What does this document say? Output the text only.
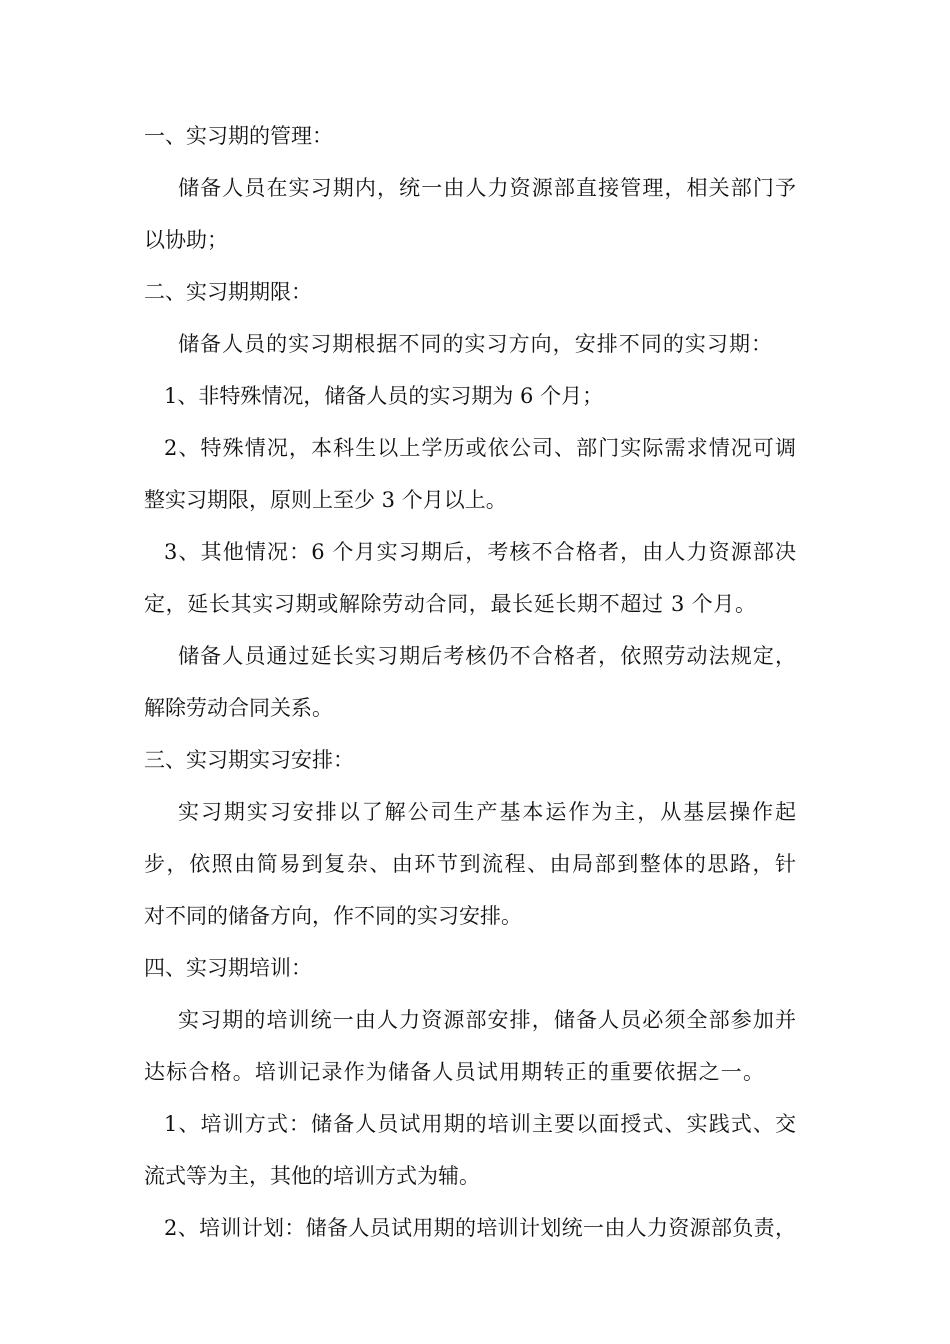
一、实习期的管理：
储备人员在实习期内，统一由人力资源部直接管理，相关部门予
以协助；
二、实习期期限：
储备人员的实习期根据不同的实习方向，安排不同的实习期：
1、非特殊情况，储备人员的实习期为 6 个月；
2、特殊情况，本科生以上学历或依公司、部门实际需求情况可调
整实习期限，原则上至少 3 个月以上。
3、其他情况：6 个月实习期后，考核不合格者，由人力资源部决
定，延长其实习期或解除劳动合同，最长延长期不超过 3 个月。
储备人员通过延长实习期后考核仍不合格者，依照劳动法规定，
解除劳动合同关系。
三、实习期实习安排：
实习期实习安排以了解公司生产基本运作为主，从基层操作起
步，依照由简易到复杂、由环节到流程、由局部到整体的思路，针
对不同的储备方向，作不同的实习安排。
四、实习期培训：
实习期的培训统一由人力资源部安排，储备人员必须全部参加并
达标合格。培训记录作为储备人员试用期转正的重要依据之一。
1、培训方式：储备人员试用期的培训主要以面授式、实践式、交
流式等为主，其他的培训方式为辅。
2、培训计划：储备人员试用期的培训计划统一由人力资源部负责，
